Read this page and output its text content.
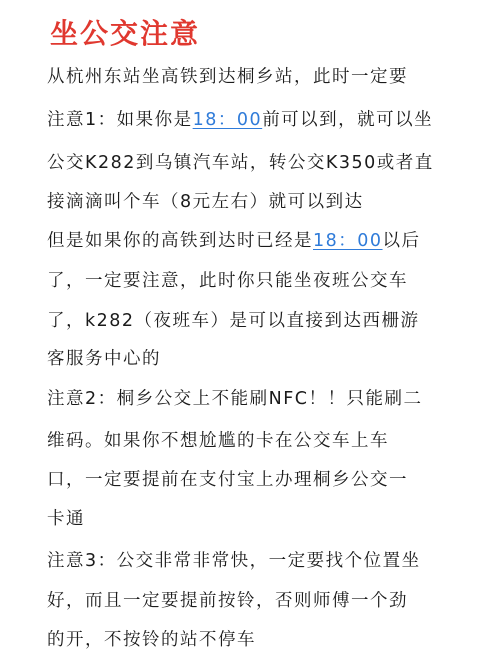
坐公交注意
从杭州东站坐高铁到达桐乡站，此时一定要
注意1：如果你是18：00前可以到，就可以坐
公交K282到乌镇汽车站，转公交K350或者直
接滴滴叫个车（8元左右）就可以到达
但是如果你的高铁到达时已经是18：00以后
了，一定要注意，此时你只能坐夜班公交车
了，k282（夜班车）是可以直接到达西栅游
客服务中心的
注意2：桐乡公交上不能刷NFC！！只能刷二
维码。如果你不想尬尴的卡在公交车上车
口，一定要提前在支付宝上办理桐乡公交一
卡通
注意3：公交非常非常快，一定要找个位置坐
好，而且一定要提前按铃，否则师傅一个劲
的开，不按铃的站不停车
